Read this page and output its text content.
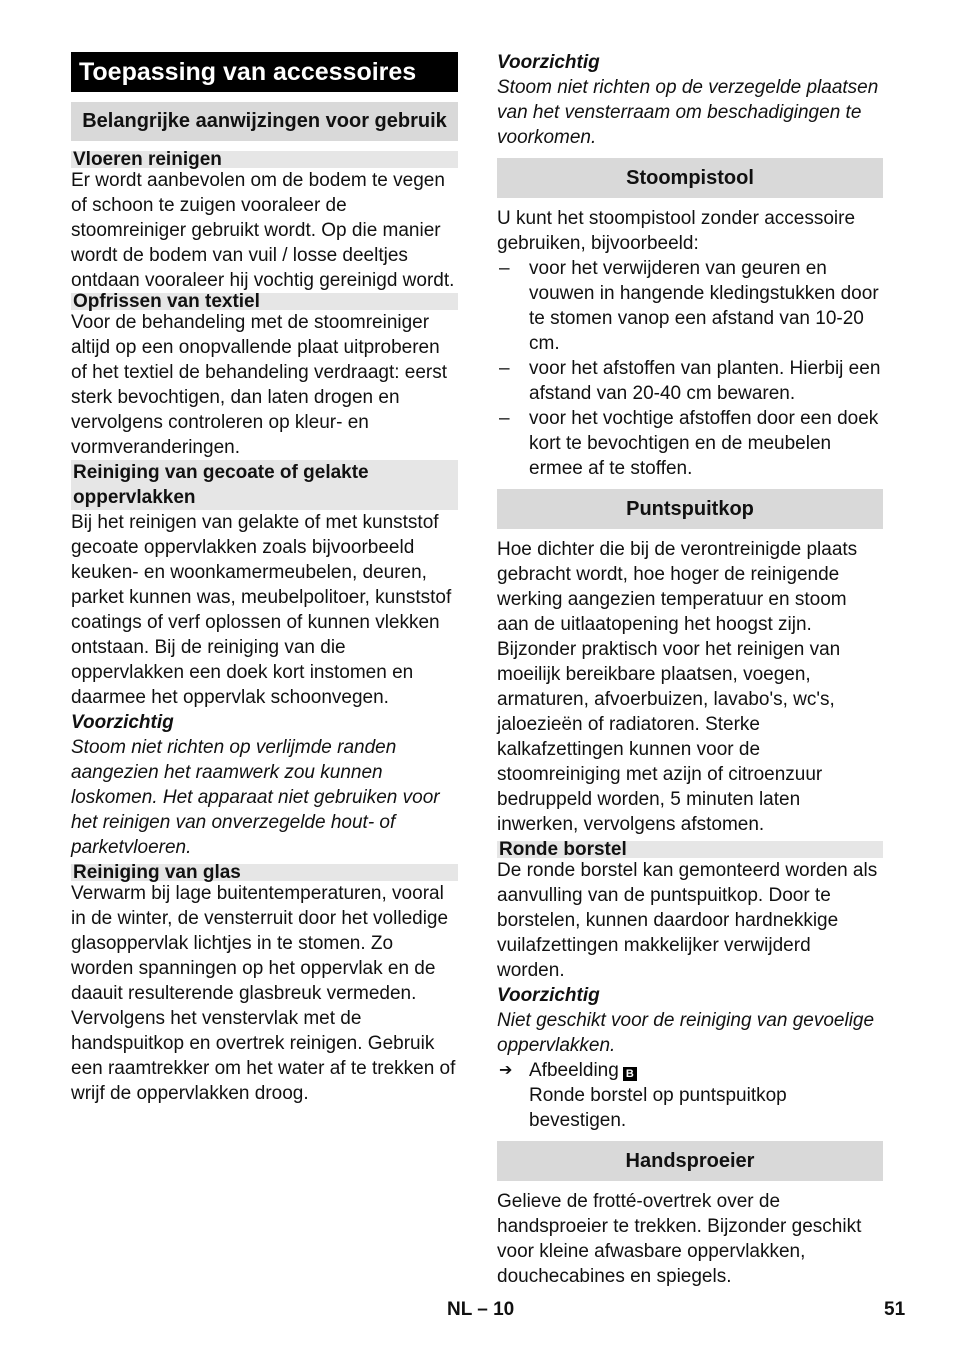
Toepassing van accessoires
Belangrijke aanwijzingen voor gebruik
Vloeren reinigen

Er wordt aanbevolen om de bodem te vegen of schoon te zuigen vooraleer de stoomreiniger gebruikt wordt. Op die manier wordt de bodem van vuil / losse deeltjes ontdaan vooraleer hij vochtig gereinigd wordt.

Opfrissen van textiel

Voor de behandeling met de stoomreiniger altijd op een onopvallende plaat uitproberen of het textiel de behandeling verdraagt: eerst sterk bevochtigen, dan laten drogen en vervolgens controleren op kleur- en vormveranderingen.

Reiniging van gecoate of gelakte oppervlakken

Bij het reinigen van gelakte of met kunststof gecoate oppervlakken zoals bijvoorbeeld keuken- en woonkamermeubelen, deuren, parket kunnen was, meubelpolitoer, kunststof coatings of verf oplossen of kunnen vlekken ontstaan. Bij de reiniging van die oppervlakken een doek kort instomen en daarmee het oppervlak schoonvegen.

Voorzichtig

Stoom niet richten op verlijmde randen aangezien het raamwerk zou kunnen loskomen. Het apparaat niet gebruiken voor het reinigen van onverzegelde hout- of parketvloeren.

Reiniging van glas

Verwarm bij lage buitentemperaturen, vooral in de winter, de vensterruit door het volledige glasoppervlak lichtjes in te stomen. Zo worden spanningen op het oppervlak en de daauit resulterende glasbreuk vermeden.

Vervolgens het venstervlak met de handspuitkop en overtrek reinigen. Gebruik een raamtrekker om het water af te trekken of wrijf de oppervlakken droog.

Voorzichtig

Stoom niet richten op de verzegelde plaatsen van het vensterraam om beschadigingen te voorkomen.

Stoompistool

U kunt het stoompistool zonder accessoire gebruiken, bijvoorbeeld:

– voor het verwijderen van geuren en vouwen in hangende kledingstukken door te stomen vanop een afstand van 10-20 cm.
– voor het afstoffen van planten. Hierbij een afstand van 20-40 cm bewaren.
– voor het vochtige afstoffen door een doek kort te bevochtigen en de meubelen ermee af te stoffen.
Puntspuitkop

Hoe dichter die bij de verontreinigde plaats gebracht wordt, hoe hoger de reinigende werking aangezien temperatuur en stoom aan de uitlaatopening het hoogst zijn. Bijzonder praktisch voor het reinigen van moeilijk bereikbare plaatsen, voegen, armaturen, afvoerbuizen, lavabo's, wc's, jaloezieën of radiatoren. Sterke kalkafzettingen kunnen voor de stoomreiniging met azijn of citroenzuur bedruppeld worden, 5 minuten laten inwerken, vervolgens afstomen.

Ronde borstel

De ronde borstel kan gemonteerd worden als aanvulling van de puntspuitkop. Door te borstelen, kunnen daardoor hardnekkige vuilafzettingen makkelijker verwijderd worden.

Voorzichtig

Niet geschikt voor de reiniging van gevoelige oppervlakken.

➔ Afbeelding B
Ronde borstel op puntspuitkop bevestigen.
Handsproeier

Gelieve de frotté-overtrek over de handsproeier te trekken. Bijzonder geschikt voor kleine afwasbare oppervlakken, douchecabines en spiegels.

NL – 10	51
